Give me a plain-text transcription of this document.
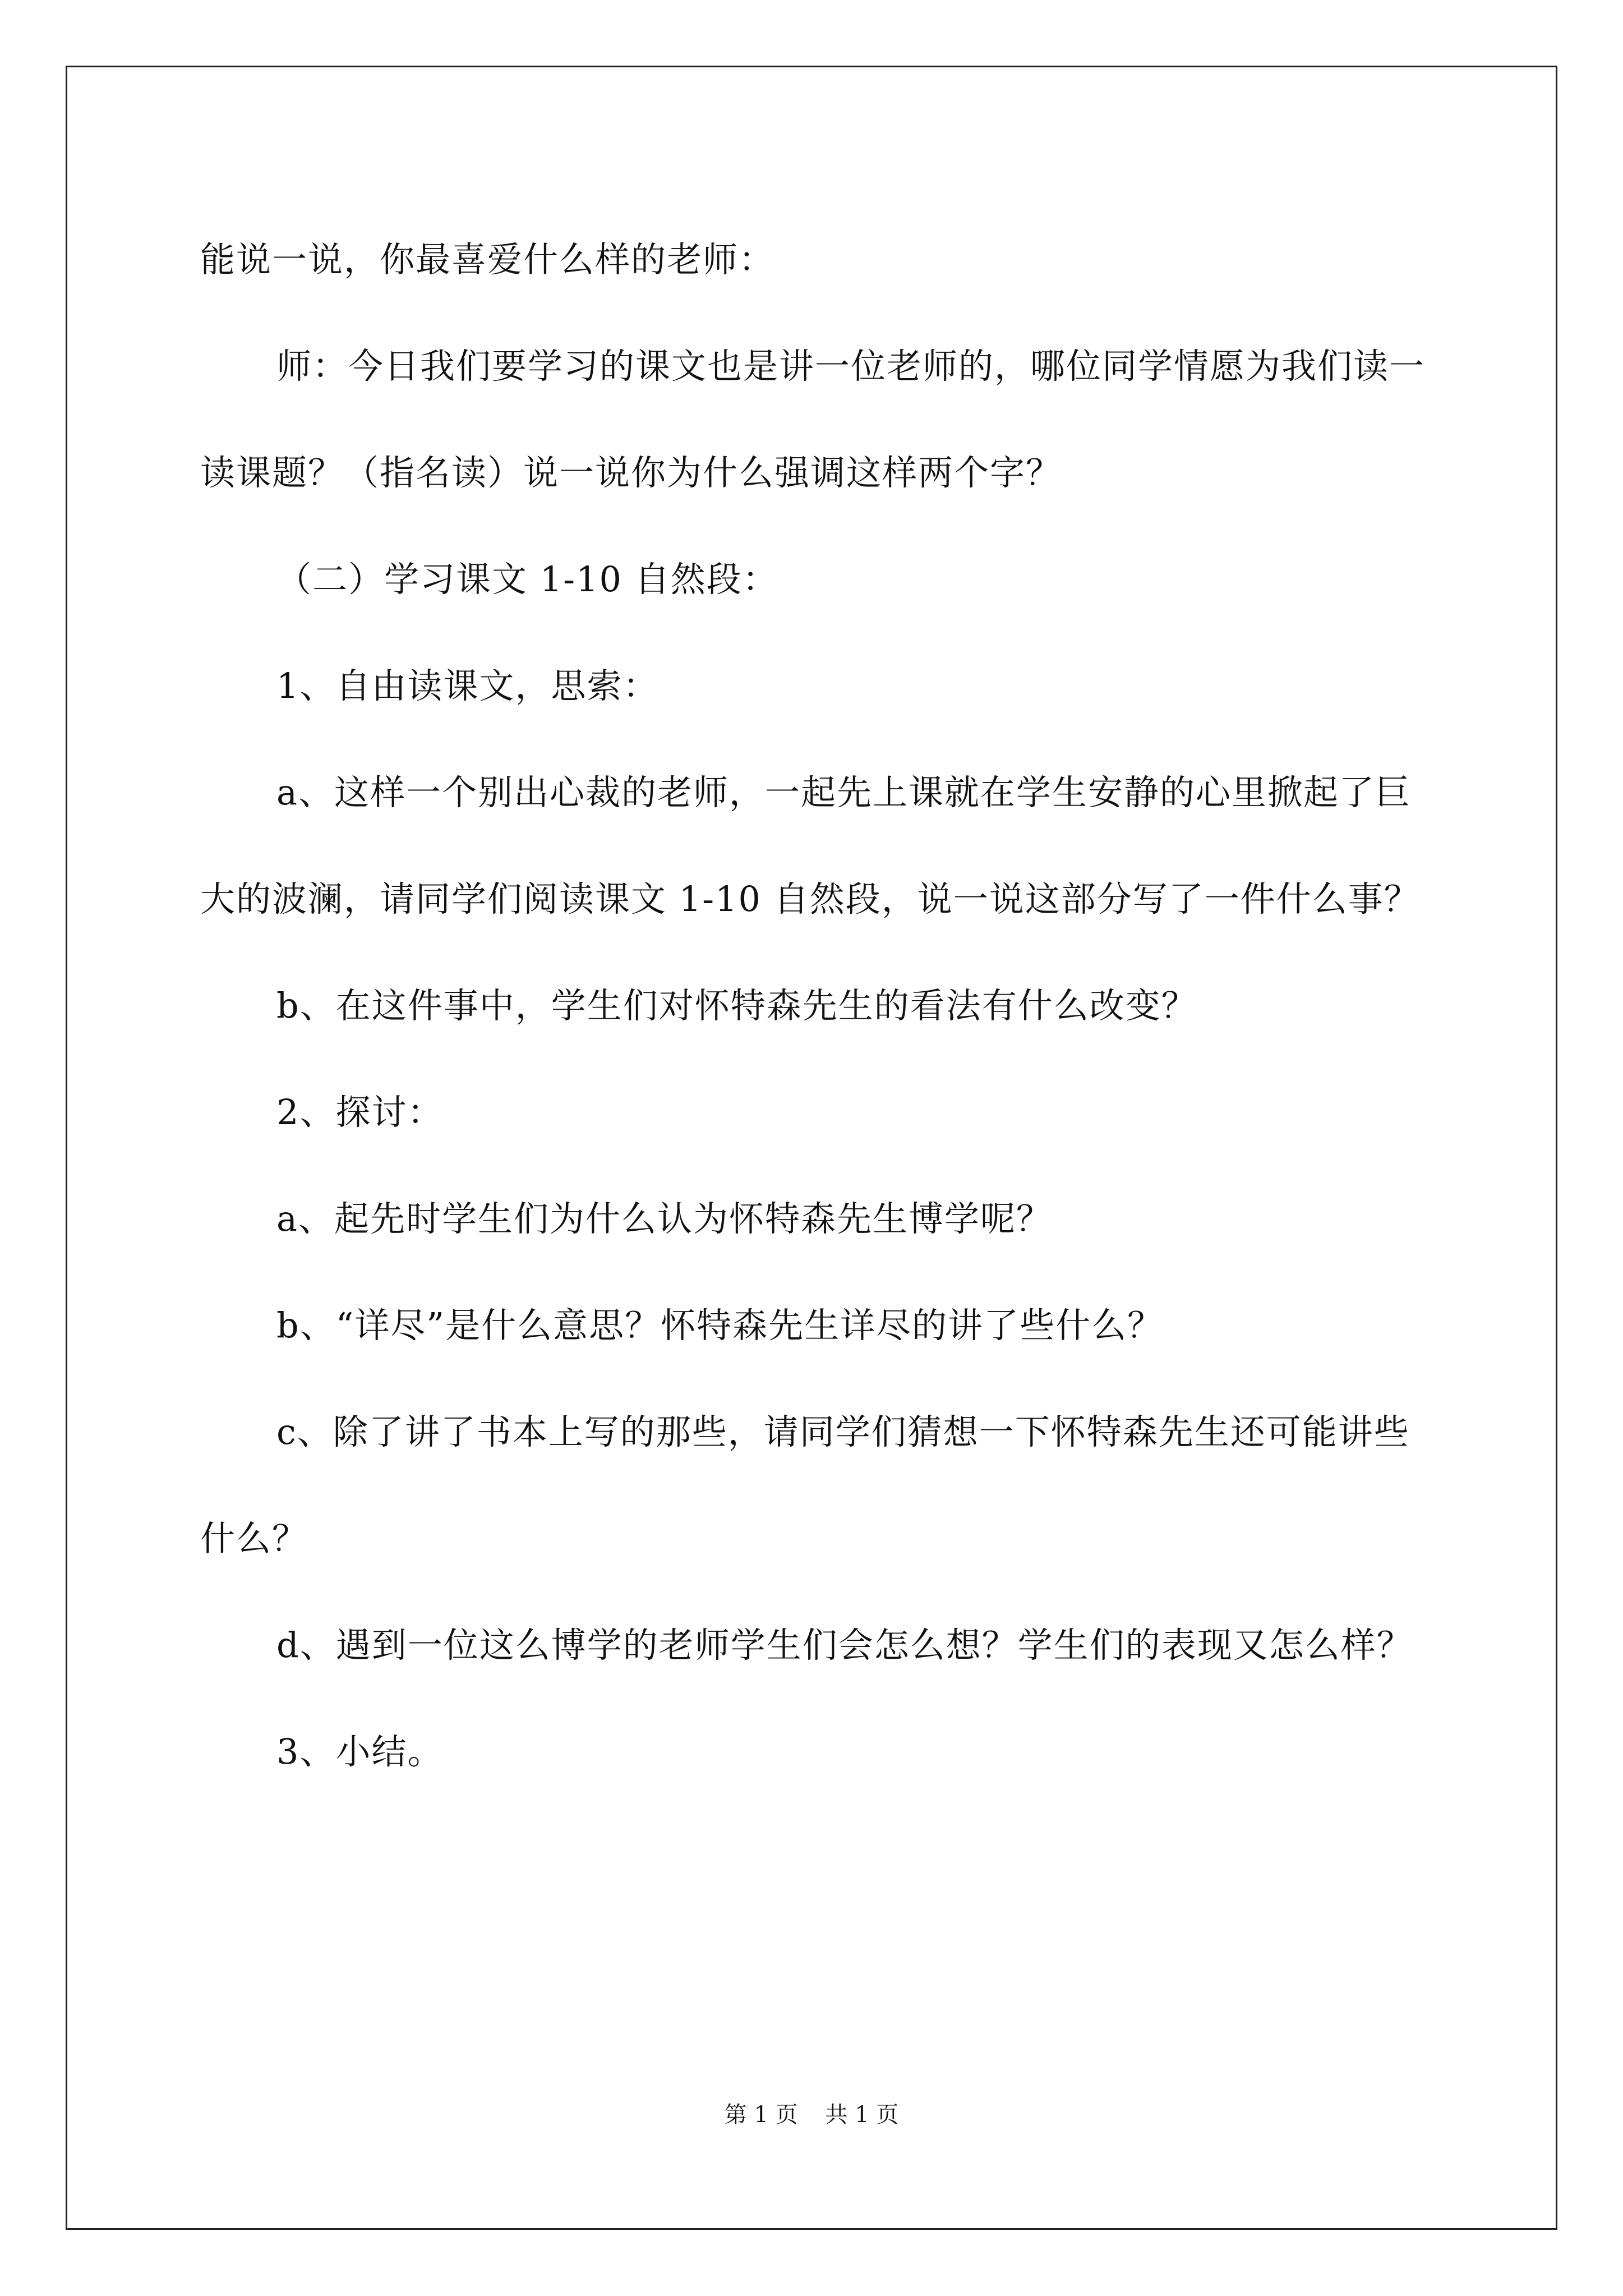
能说一说，你最喜爱什么样的老师：

师：今日我们要学习的课文也是讲一位老师的，哪位同学情愿为我们读一读课题？（指名读）说一说你为什么强调这样两个字？

（二）学习课文 1-10 自然段：

1、自由读课文，思索：

a、这样一个别出心裁的老师，一起先上课就在学生安静的心里掀起了巨大的波澜，请同学们阅读课文 1-10 自然段，说一说这部分写了一件什么事？

b、在这件事中，学生们对怀特森先生的看法有什么改变？

2、探讨：

a、起先时学生们为什么认为怀特森先生博学呢？

b、“详尽”是什么意思？怀特森先生详尽的讲了些什么？

c、除了讲了书本上写的那些，请同学们猜想一下怀特森先生还可能讲些什么？

d、遇到一位这么博学的老师学生们会怎么想？学生们的表现又怎么样？

3、小结。

第 1 页 共 1 页
